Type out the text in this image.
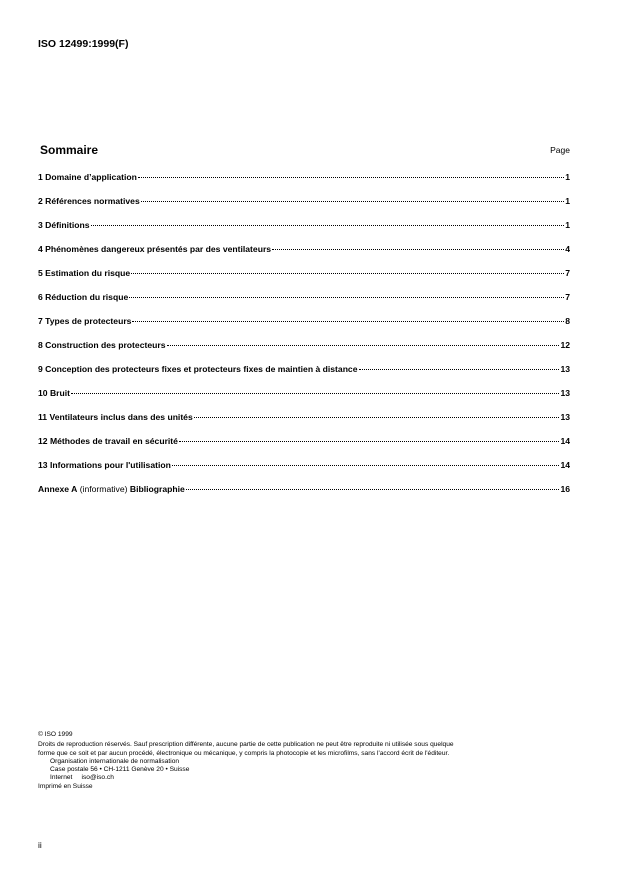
ISO 12499:1999(F)
Sommaire	Page
1 Domaine d’application	1
2 Références normatives	1
3 Définitions	1
4 Phénomènes dangereux présentés par des ventilateurs	4
5 Estimation du risque	7
6 Réduction du risque	7
7 Types de protecteurs	8
8 Construction des protecteurs	12
9 Conception des protecteurs fixes et protecteurs fixes de maintien à distance	13
10 Bruit	13
11 Ventilateurs inclus dans des unités	13
12 Méthodes de travail en sécurité	14
13 Informations pour l'utilisation	14
Annexe A (informative) Bibliographie	16
© ISO 1999
Droits de reproduction réservés. Sauf prescription différente, aucune partie de cette publication ne peut être reproduite ni utilisée sous quelque
forme que ce soit et par aucun procédé, électronique ou mécanique, y compris la photocopie et les microfilms, sans l'accord écrit de l'éditeur.
Organisation internationale de normalisation
Case postale 56 • CH-1211 Genève 20 • Suisse
Internet     iso@iso.ch
Imprimé en Suisse
ii
